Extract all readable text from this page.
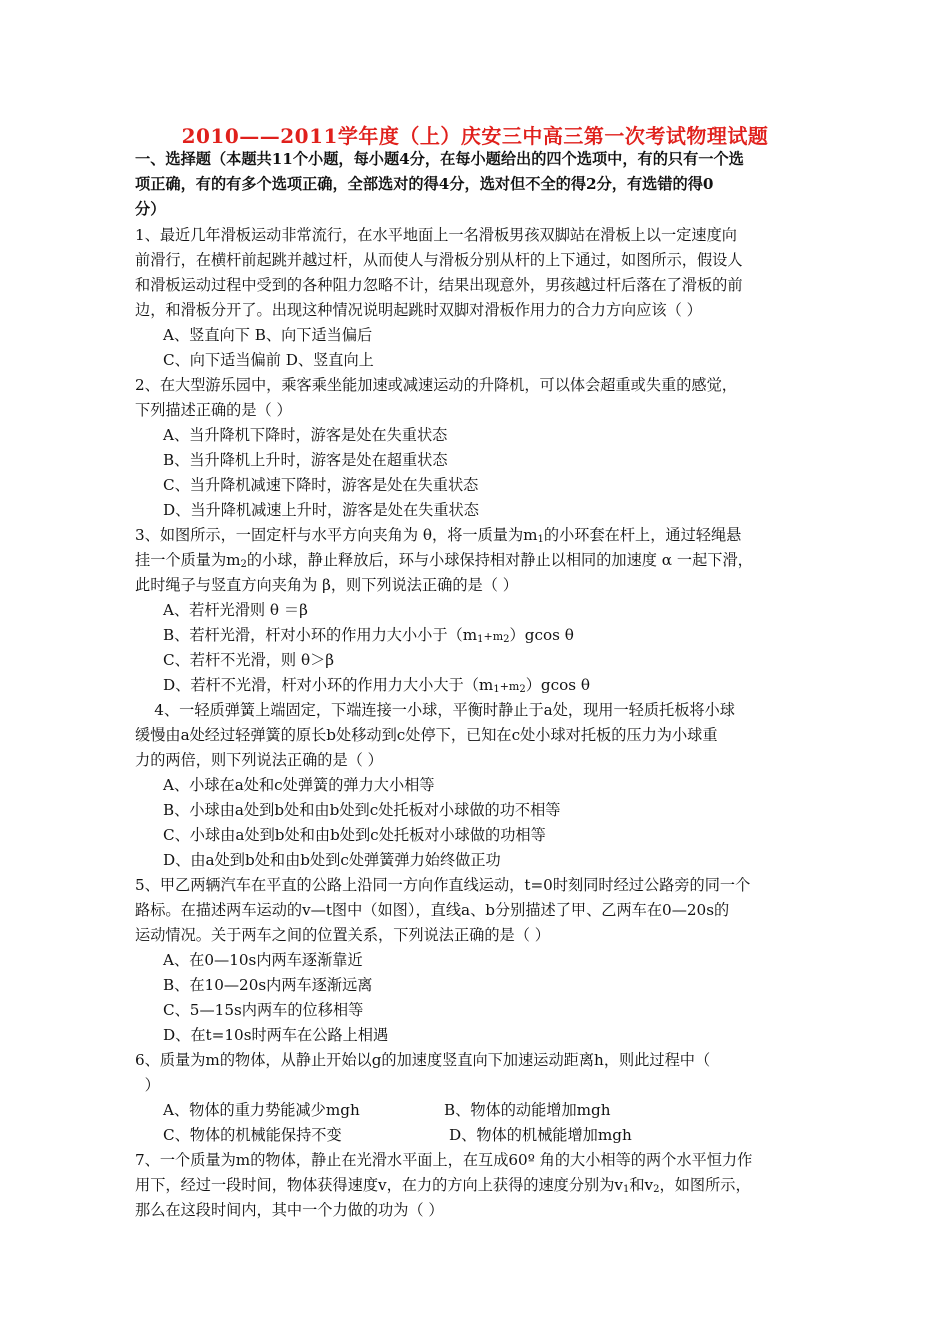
2010——2011学年度（上）庆安三中高三第一次考试物理试题
一、选择题（本题共11个小题，每小题4分，在每小题给出的四个选项中，有的只有一个选
项正确，有的有多个选项正确，全部选对的得4分，选对但不全的得2分，有选错的得0
分）
1、最近几年滑板运动非常流行，在水平地面上一名滑板男孩双脚站在滑板上以一定速度向
前滑行，在横杆前起跳并越过杆，从而使人与滑板分别从杆的上下通过，如图所示，假设人
和滑板运动过程中受到的各种阻力忽略不计，结果出现意外，男孩越过杆后落在了滑板的前
边，和滑板分开了。出现这种情况说明起跳时双脚对滑板作用力的合力方向应该（ ）
A、竖直向下 B、向下适当偏后
C、向下适当偏前 D、竖直向上
2、在大型游乐园中，乘客乘坐能加速或减速运动的升降机，可以体会超重或失重的感觉，
下列描述正确的是（ ）
A、当升降机下降时，游客是处在失重状态
B、当升降机上升时，游客是处在超重状态
C、当升降机减速下降时，游客是处在失重状态
D、当升降机减速上升时，游客是处在失重状态
3、如图所示，一固定杆与水平方向夹角为 θ，将一质量为$m_1$的小环套在杆上，通过轻绳悬
挂一个质量为$m_2$的小球，静止释放后，环与小球保持相对静止以相同的加速度 α 一起下滑，
此时绳子与竖直方向夹角为 β，则下列说法正确的是（ ）
A、若杆光滑则 θ ＝β
B、若杆光滑，杆对小环的作用力大小小于$(m_1+m_2)gcos$ θ
C、若杆不光滑，则 θ＞β
D、若杆不光滑，杆对小环的作用力大小大于$(m_1+m_2)gcos$ θ
4、一轻质弹簧上端固定，下端连接一小球，平衡时静止于a处，现用一轻质托板将小球
缓慢由a处经过轻弹簧的原长b处移动到c处停下，已知在c处小球对托板的压力为小球重
力的两倍，则下列说法正确的是（ ）
A、小球在a处和c处弹簧的弹力大小相等
B、小球由a处到b处和由b处到c处托板对小球做的功不相等
C、小球由a处到b处和由b处到c处托板对小球做的功相等
D、由a处到b处和由b处到c处弹簧弹力始终做正功
5、甲乙两辆汽车在平直的公路上沿同一方向作直线运动，t=0时刻同时经过公路旁的同一个
路标。在描述两车运动的v—t图中（如图），直线a、b分别描述了甲、乙两车在0—20s的
运动情况。关于两车之间的位置关系，下列说法正确的是（ ）
A、在0—10s内两车逐渐靠近
B、在10—20s内两车逐渐远离
C、5—15s内两车的位移相等
D、在t=10s时两车在公路上相遇
6、质量为m的物体，从静止开始以g的加速度竖直向下加速运动距离h，则此过程中（
）
A、物体的重力势能减少mgh	B、物体的动能增加mgh
C、物体的机械能保持不变	D、物体的机械能增加mgh
7、一个质量为m的物体，静止在光滑水平面上，在互成60º 角的大小相等的两个水平恒力作
用下，经过一段时间，物体获得速度v，在力的方向上获得的速度分别为$v_1$和$v_2$，如图所示，
那么在这段时间内，其中一个力做的功为（ ）
